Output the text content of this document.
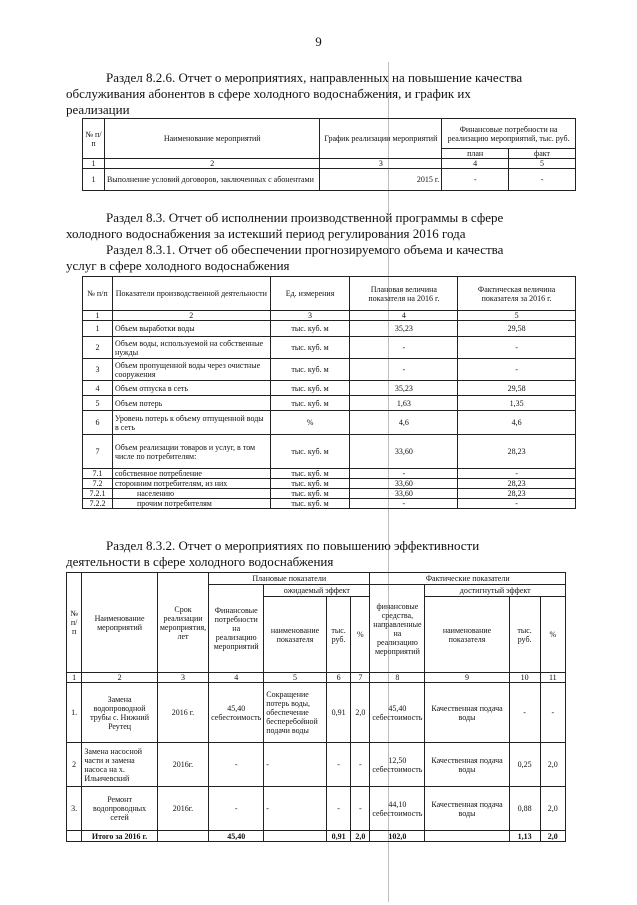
9
Раздел 8.2.6. Отчет о мероприятиях, направленных на повышение качества
обслуживания абонентов в сфере холодного водоснабжения, и график их
реализации
№ п/п	Наименование мероприятий	График реализации мероприятий	Финансовые потребности на реализацию мероприятий, тыс. руб.	
			план	факт
1	2	3	4	5
1	Выполнение условий договоров, заключенных с абонентами	2015 г.	-	-
Раздел 8.3. Отчет об исполнении производственной программы в сфере
холодного водоснабжения за истекший период регулирования 2016 года
Раздел 8.3.1. Отчет об обеспечении прогнозируемого объема и качества
услуг в сфере холодного водоснабжения
№ п/п	Показатели производственной деятельности	Ед. измерения	Плановая величина показателя на 2016 г.	Фактическая величина показателя за 2016 г.
1	2	3	4	5
1	Объем выработки воды	тыс. куб. м	35,23	29,58
2	Объем воды, используемой на собственные нужды	тыс. куб. м	-	-
3	Объем пропущенной воды через очистные сооружения	тыс. куб. м	-	-
4	Объем отпуска в сеть	тыс. куб. м	35,23	29,58
5	Объем потерь	тыс. куб. м	1,63	1,35
6	Уровень потерь к объему отпущенной воды в сеть	%	4,6	4,6
7	Объем реализации товаров и услуг, в том числе по потребителям:	тыс. куб. м	33,60	28,23
7.1	собственное потребление	тыс. куб. м	-	-
7.2	сторонним потребителям, из них	тыс. куб. м	33,60	28,23
7.2.1	населению	тыс. куб. м	33,60	28,23
7.2.2	прочим потребителям	тыс. куб. м	-	-
Раздел 8.3.2. Отчет о мероприятиях по повышению эффективности
деятельности в сфере холодного водоснабжения
№ п/п	Наименование мероприятий	Срок реализации мероприятия, лет	Плановые показатели				Фактические показатели			
			Финансовые потребности на реализацию мероприятий	ожидаемый эффект			финансовые средства, направленные на реализацию мероприятий	достигнутый эффект		
				наименование показателя	тыс. руб.	%		наименование показателя	тыс. руб.	%
1	2	3	4	5	6	7	8	9	10	11
1.	Замена водопроводной трубы с. Нижний Реутец	2016 г.	45,40 себестоимость	Сокращение потерь воды, обеспечение бесперебойной подачи воды	0,91	2,0	45,40 себестоимость	Качественная подача воды	-	-
2	Замена насосной части и замена насоса на х. Ильичевский	2016г.	-	-	-	-	12,50 себестоимость	Качественная подача воды	0,25	2,0
3.	Ремонт водопроводных сетей	2016г.	-	-	-	-	44,10 себестоимость	Качественная подача воды	0,88	2,0
	Итого за 2016 г.		45,40		0,91	2,0	102,0		1,13	2,0
